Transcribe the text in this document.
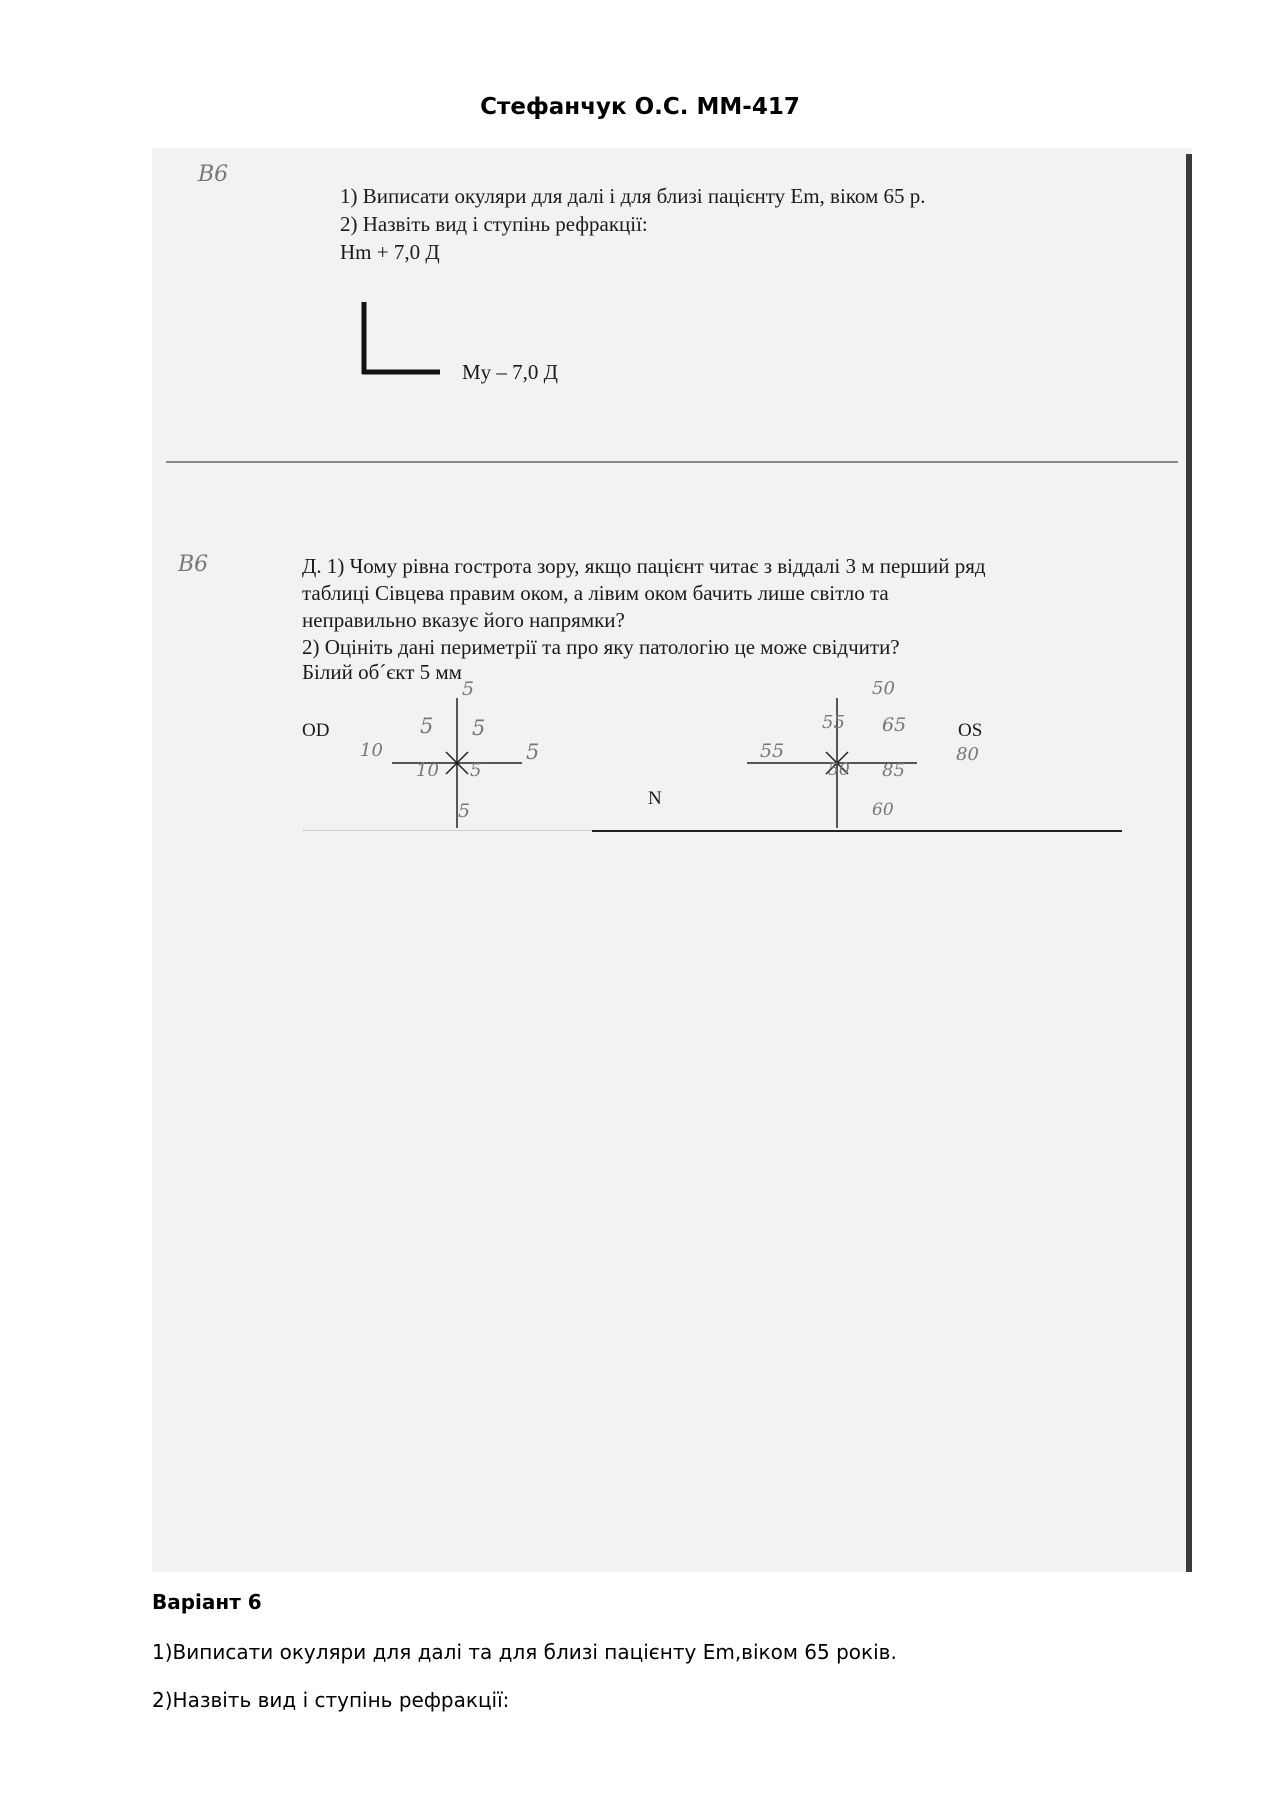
Стефанчук О.С. ММ-417
В6
1) Виписати окуляри для далі і для близі пацієнту Em, віком 65 р.
2) Назвіть вид і ступінь рефракції:
Hm + 7,0 Д
My – 7,0 Д
В6	Д. 1) Чому рівна гострота зору, якщо пацієнт читає з віддалі 3 м перший ряд
таблиці Сівцева правим оком, а лівим оком бачить лише світло та
неправильно вказує його напрямки?
2) Оцініть дані периметрії та про яку патологію це може свідчити?
Білий об´єкт 5 мм
OD
5
5 5
10	5
10 5
5
N
50
55 65	OS
55	80
50 85
60
Варіант 6
1)Виписати окуляри для далі та для близі пацієнту Em,віком 65 років.
2)Назвіть вид і ступінь рефракції:
